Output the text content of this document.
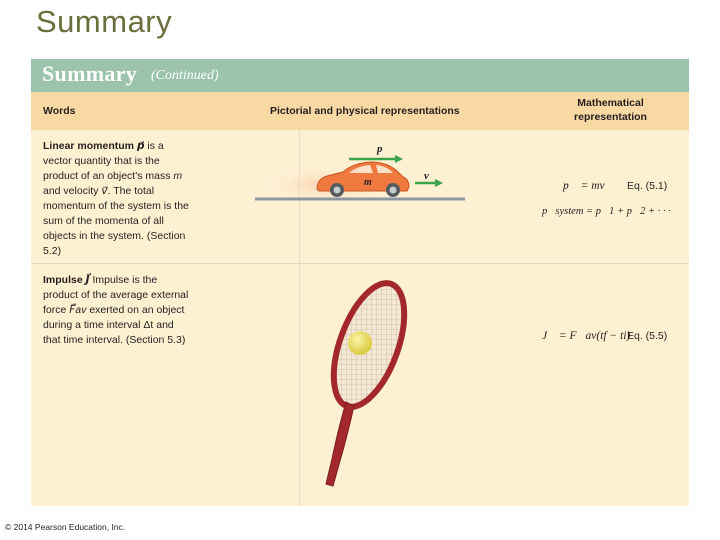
Summary
Summary (Continued)
Words	Pictorial and physical representations
Mathematical
representation
Linear momentum p⃗ is a vector quantity that is the product of an object's mass m and velocity v⃗. The total momentum of the system is the sum of the momenta of all objects in the system. (Section 5.2)
Impulse J⃗ Impulse is the product of the average external force F⃗av exerted on an object during a time interval Δt and that time interval. (Section 5.3)
p⃗
v⃗
m	p⃗ = mv⃗ Eq. (5.1)
p⃗system = p⃗1 + p⃗2 + · · ·
J⃗ = F⃗av(tf − ti)
Eq. (5.5)
© 2014 Pearson Education, Inc.
